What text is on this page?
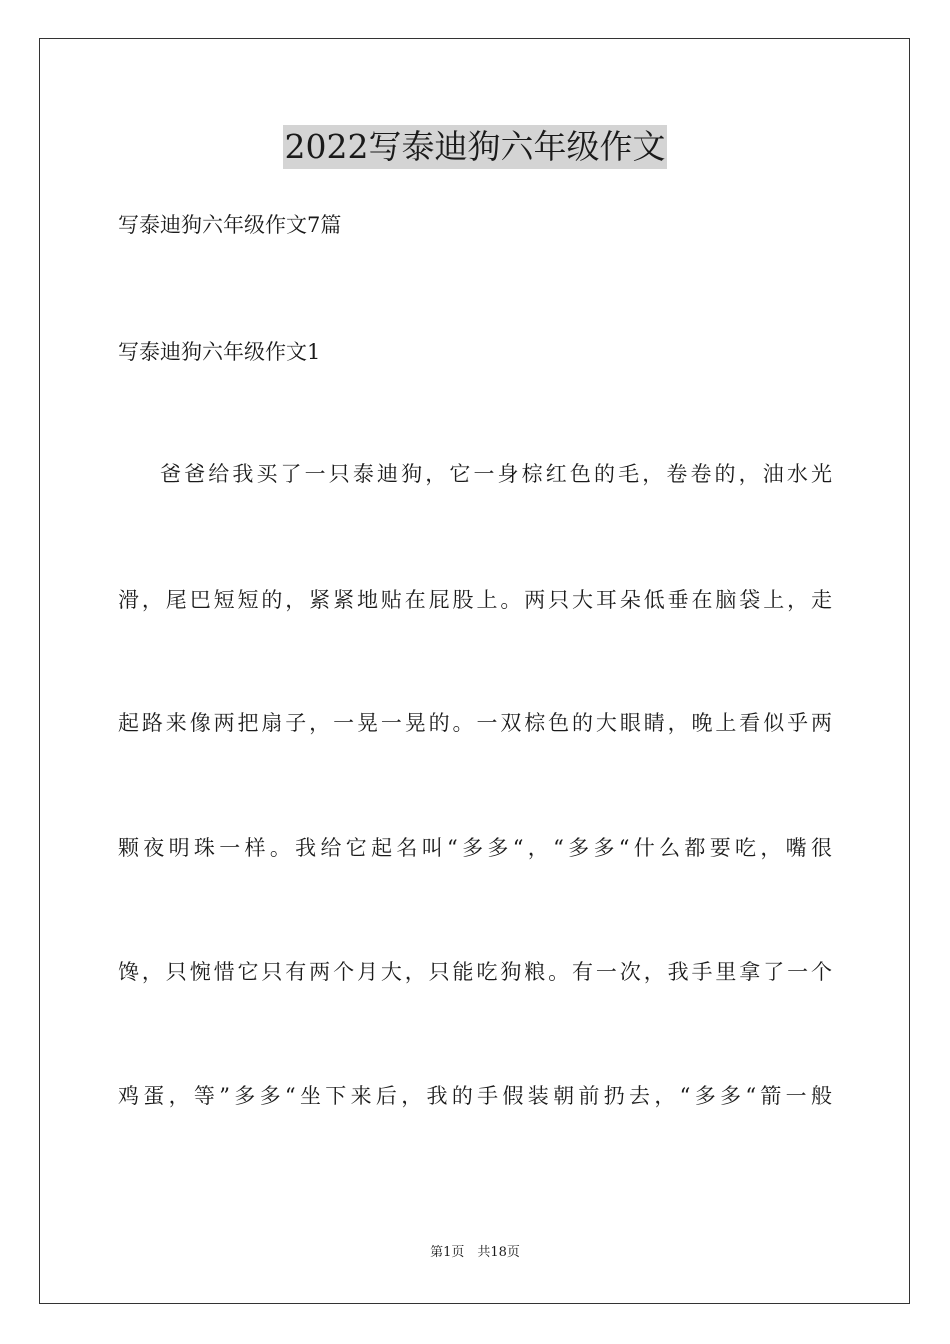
2022写泰迪狗六年级作文
写泰迪狗六年级作文7篇
写泰迪狗六年级作文1
爸爸给我买了一只泰迪狗，它一身棕红色的毛，卷卷的，油水光
滑，尾巴短短的，紧紧地贴在屁股上。两只大耳朵低垂在脑袋上，走
起路来像两把扇子，一晃一晃的。一双棕色的大眼睛，晚上看似乎两
颗夜明珠一样。我给它起名叫“多多“，“多多“什么都要吃，嘴很
馋，只惋惜它只有两个月大，只能吃狗粮。有一次，我手里拿了一个
鸡蛋，等”多多“坐下来后，我的手假装朝前扔去，“多多“箭一般
第1页　共18页
